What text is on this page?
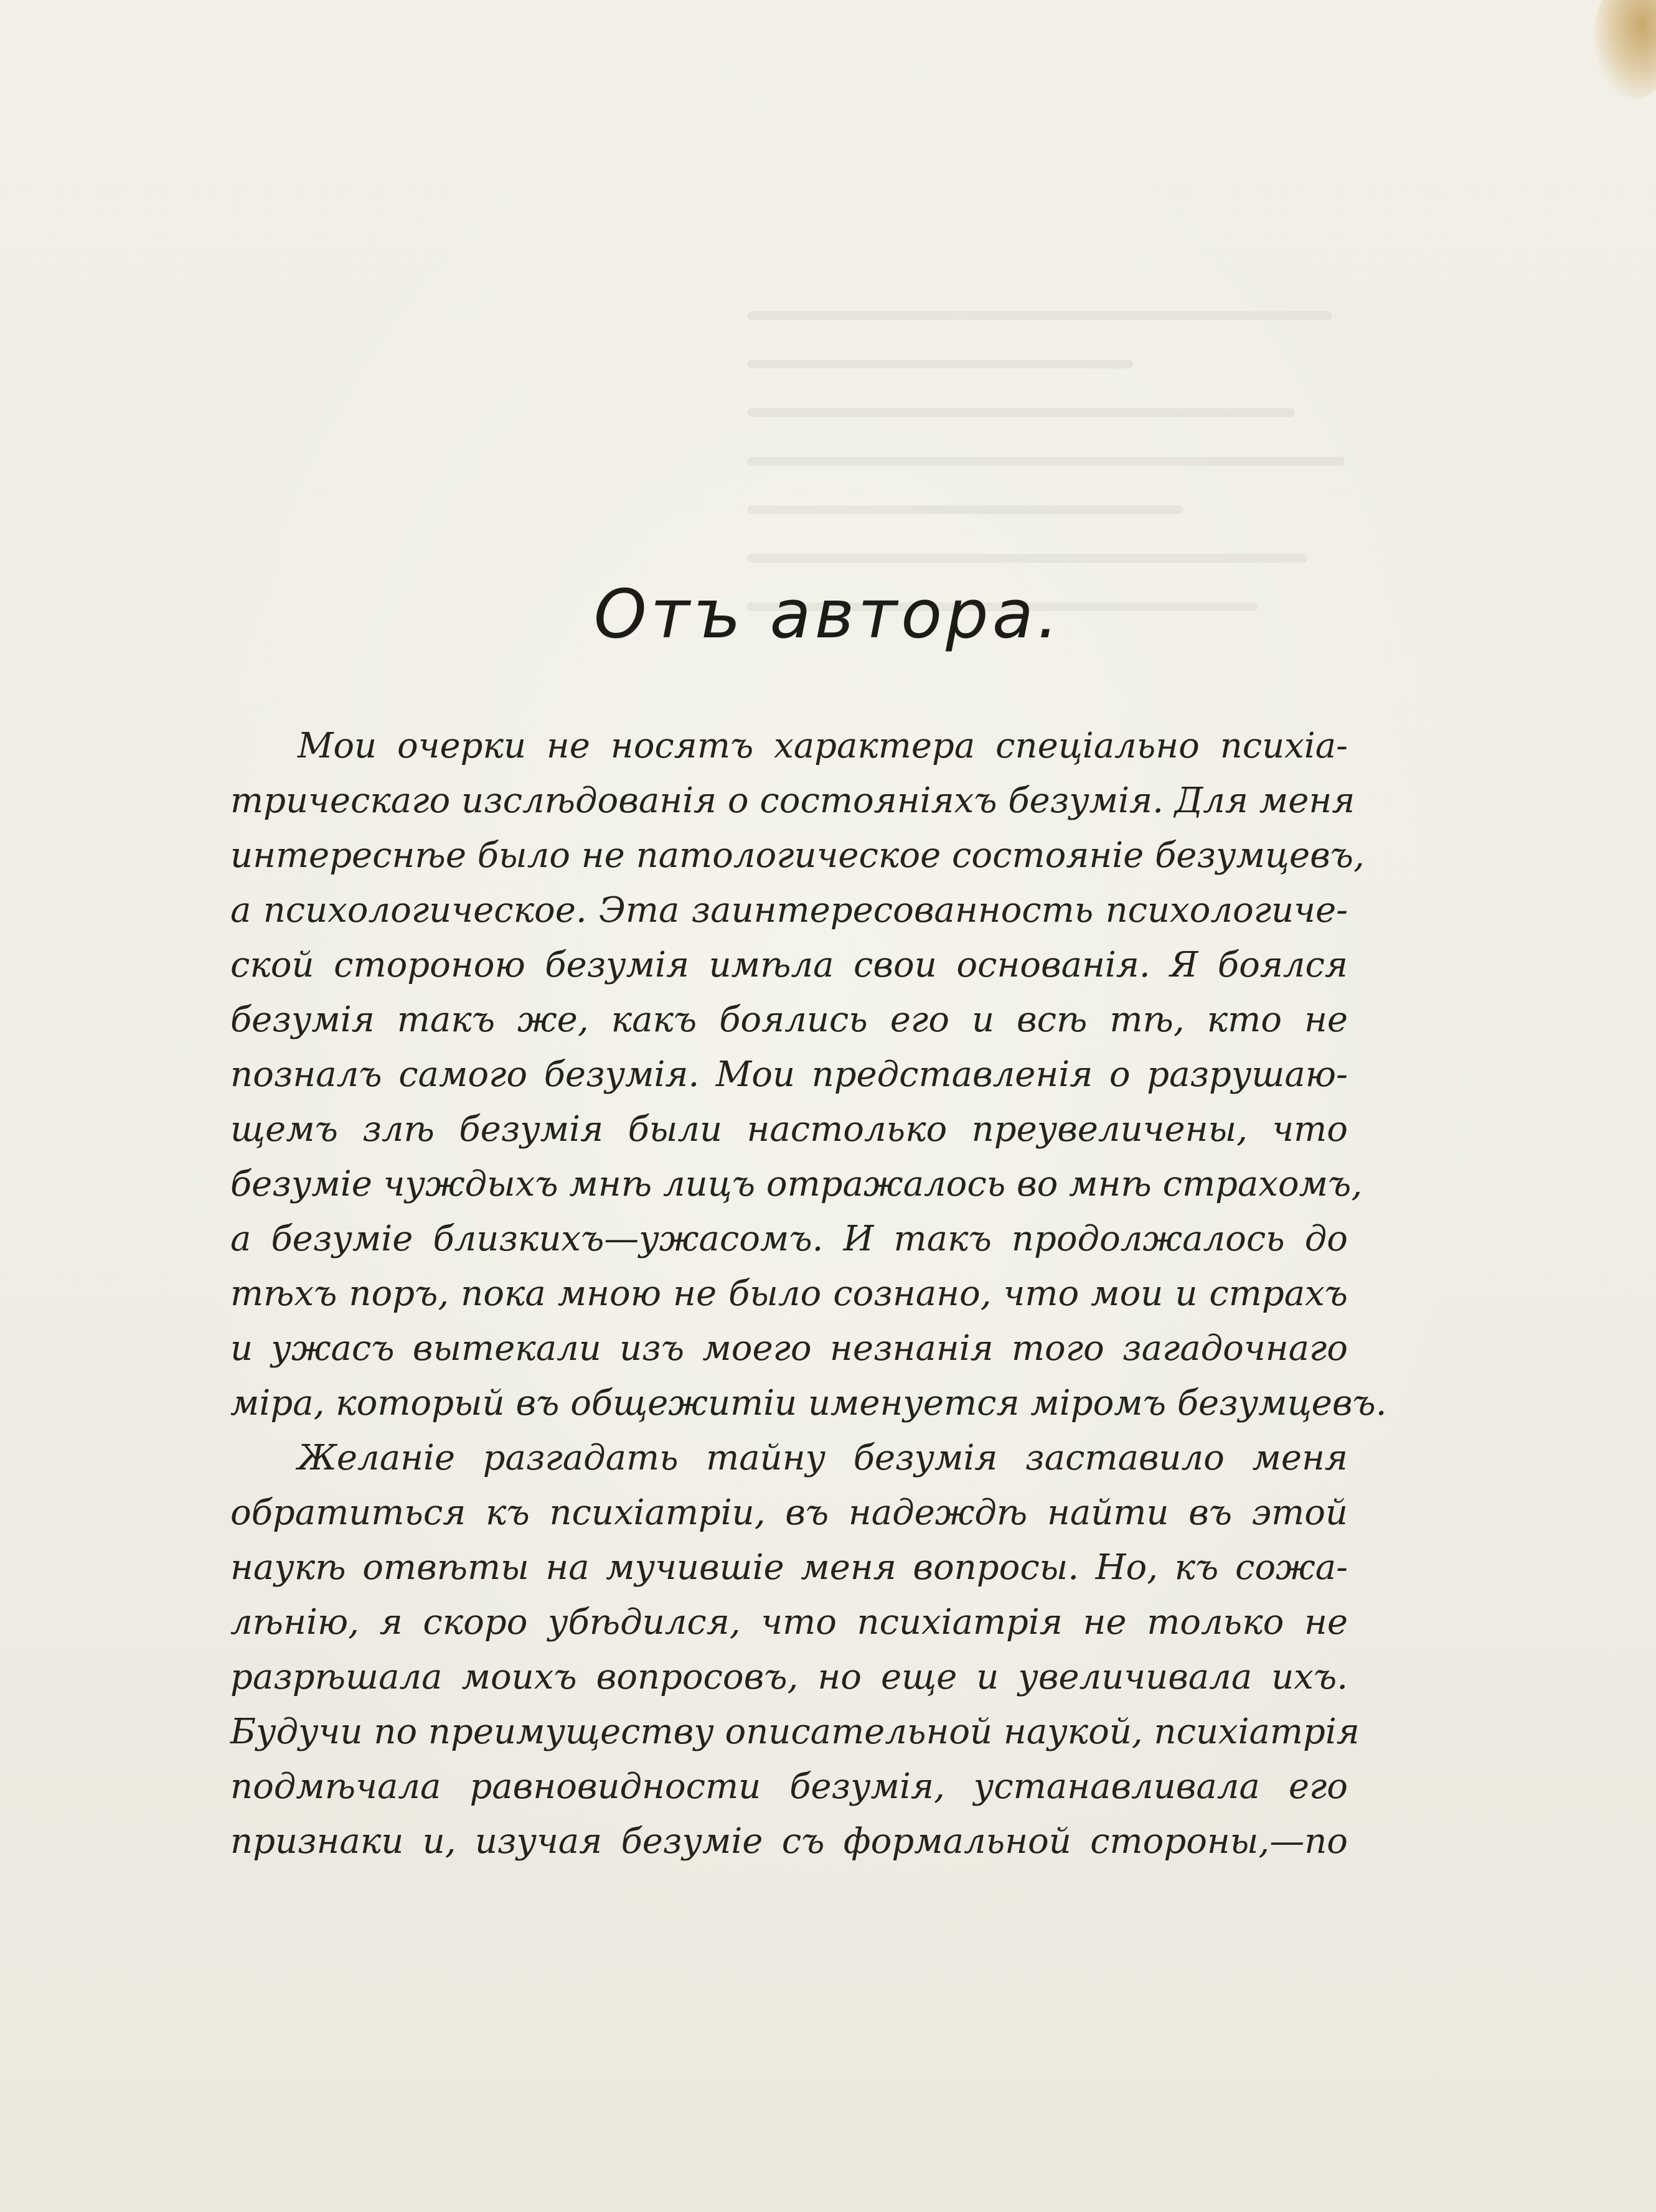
Отъ автора.
Мои очерки не носятъ характера спеціально психіа-
трическаго изслѣдованія о состояніяхъ безумія. Для меня
интереснѣе было не патологическое состояніе безумцевъ,
а психологическое. Эта заинтересованность психологиче-
ской стороною безумія имѣла свои основанія. Я боялся
безумія такъ же, какъ боялись его и всѣ тѣ, кто не
позналъ самого безумія. Мои представленія о разрушаю-
щемъ злѣ безумія были настолько преувеличены, что
безуміе чуждыхъ мнѣ лицъ отражалось во мнѣ страхомъ,
а безуміе близкихъ—ужасомъ. И такъ продолжалось до
тѣхъ поръ, пока мною не было сознано, что мои и страхъ
и ужасъ вытекали изъ моего незнанія того загадочнаго
міра, который въ общежитіи именуется міромъ безумцевъ.
Желаніе разгадать тайну безумія заставило меня
обратиться къ психіатріи, въ надеждѣ найти въ этой
наукѣ отвѣты на мучившіе меня вопросы. Но, къ сожа-
лѣнію, я скоро убѣдился, что психіатрія не только не
разрѣшала моихъ вопросовъ, но еще и увеличивала ихъ.
Будучи по преимуществу описательной наукой, психіатрія
подмѣчала равновидности безумія, устанавливала его
признаки и, изучая безуміе съ формальной стороны,—по
